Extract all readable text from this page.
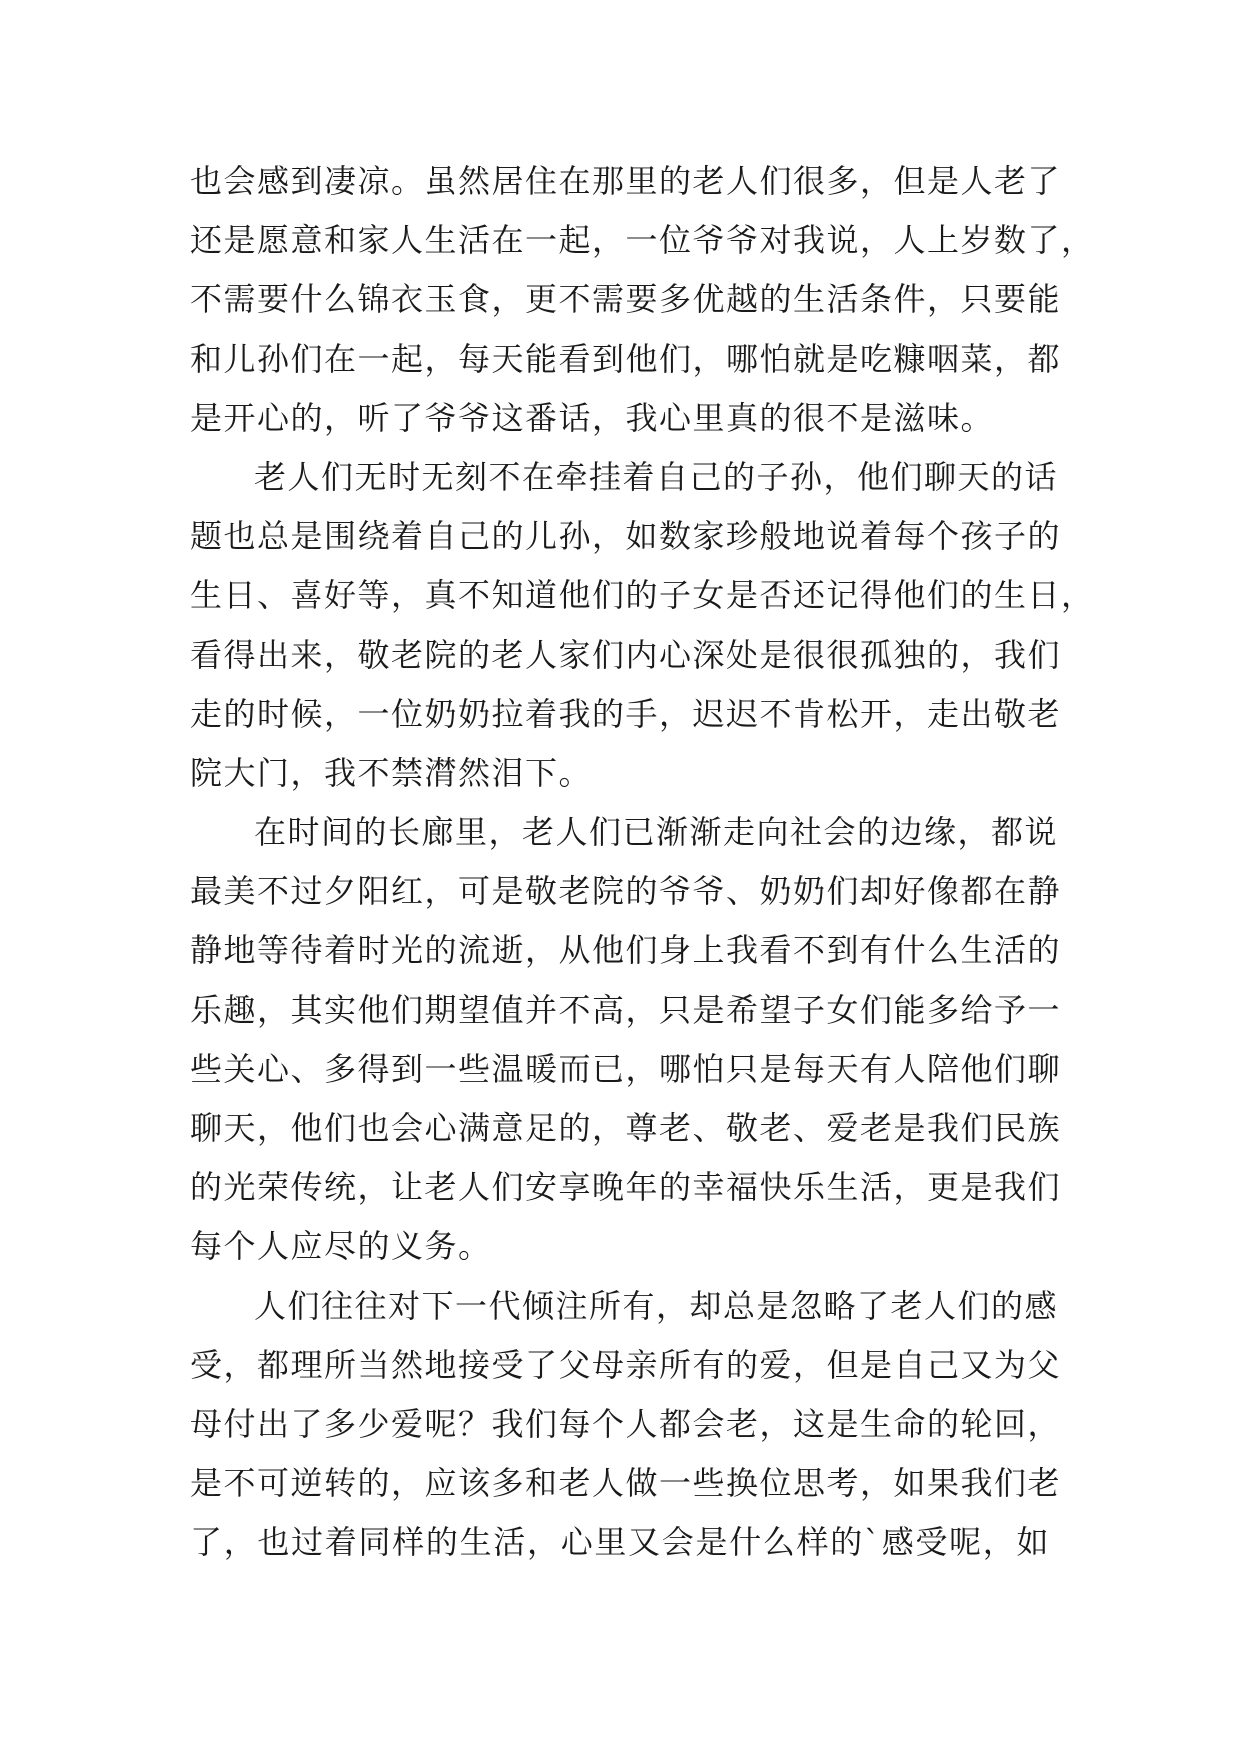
也会感到凄凉。虽然居住在那里的老人们很多，但是人老了
还是愿意和家人生活在一起，一位爷爷对我说，人上岁数了，
不需要什么锦衣玉食，更不需要多优越的生活条件，只要能
和儿孙们在一起，每天能看到他们，哪怕就是吃糠咽菜，都
是开心的，听了爷爷这番话，我心里真的很不是滋味。
老人们无时无刻不在牵挂着自己的子孙，他们聊天的话
题也总是围绕着自己的儿孙，如数家珍般地说着每个孩子的
生日、喜好等，真不知道他们的子女是否还记得他们的生日，
看得出来，敬老院的老人家们内心深处是很很孤独的，我们
走的时候，一位奶奶拉着我的手，迟迟不肯松开，走出敬老
院大门，我不禁潸然泪下。
在时间的长廊里，老人们已渐渐走向社会的边缘，都说
最美不过夕阳红，可是敬老院的爷爷、奶奶们却好像都在静
静地等待着时光的流逝，从他们身上我看不到有什么生活的
乐趣，其实他们期望值并不高，只是希望子女们能多给予一
些关心、多得到一些温暖而已，哪怕只是每天有人陪他们聊
聊天，他们也会心满意足的，尊老、敬老、爱老是我们民族
的光荣传统，让老人们安享晚年的幸福快乐生活，更是我们
每个人应尽的义务。
人们往往对下一代倾注所有，却总是忽略了老人们的感
受，都理所当然地接受了父母亲所有的爱，但是自己又为父
母付出了多少爱呢？我们每个人都会老，这是生命的轮回，
是不可逆转的，应该多和老人做一些换位思考，如果我们老
了，也过着同样的生活，心里又会是什么样的`感受呢，如
